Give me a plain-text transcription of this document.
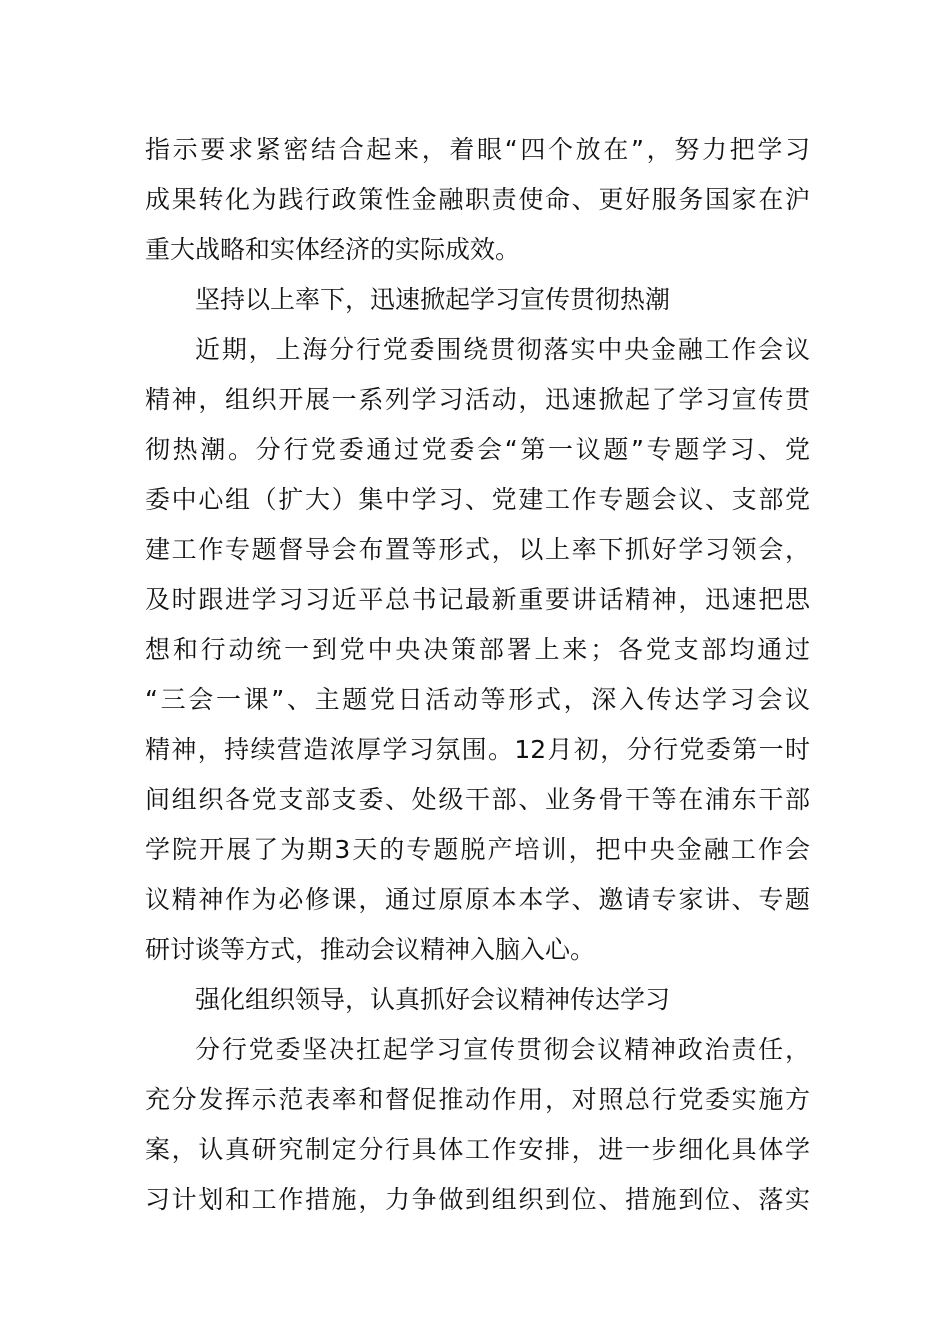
指示要求紧密结合起来，着眼“四个放在”，努力把学习
成果转化为践行政策性金融职责使命、更好服务国家在沪
重大战略和实体经济的实际成效。
坚持以上率下，迅速掀起学习宣传贯彻热潮
近期，上海分行党委围绕贯彻落实中央金融工作会议
精神，组织开展一系列学习活动，迅速掀起了学习宣传贯
彻热潮。分行党委通过党委会“第一议题”专题学习、党
委中心组（扩大）集中学习、党建工作专题会议、支部党
建工作专题督导会布置等形式，以上率下抓好学习领会，
及时跟进学习习近平总书记最新重要讲话精神，迅速把思
想和行动统一到党中央决策部署上来；各党支部均通过
“三会一课”、主题党日活动等形式，深入传达学习会议
精神，持续营造浓厚学习氛围。12月初，分行党委第一时
间组织各党支部支委、处级干部、业务骨干等在浦东干部
学院开展了为期3天的专题脱产培训，把中央金融工作会
议精神作为必修课，通过原原本本学、邀请专家讲、专题
研讨谈等方式，推动会议精神入脑入心。
强化组织领导，认真抓好会议精神传达学习
分行党委坚决扛起学习宣传贯彻会议精神政治责任，
充分发挥示范表率和督促推动作用，对照总行党委实施方
案，认真研究制定分行具体工作安排，进一步细化具体学
习计划和工作措施，力争做到组织到位、措施到位、落实
